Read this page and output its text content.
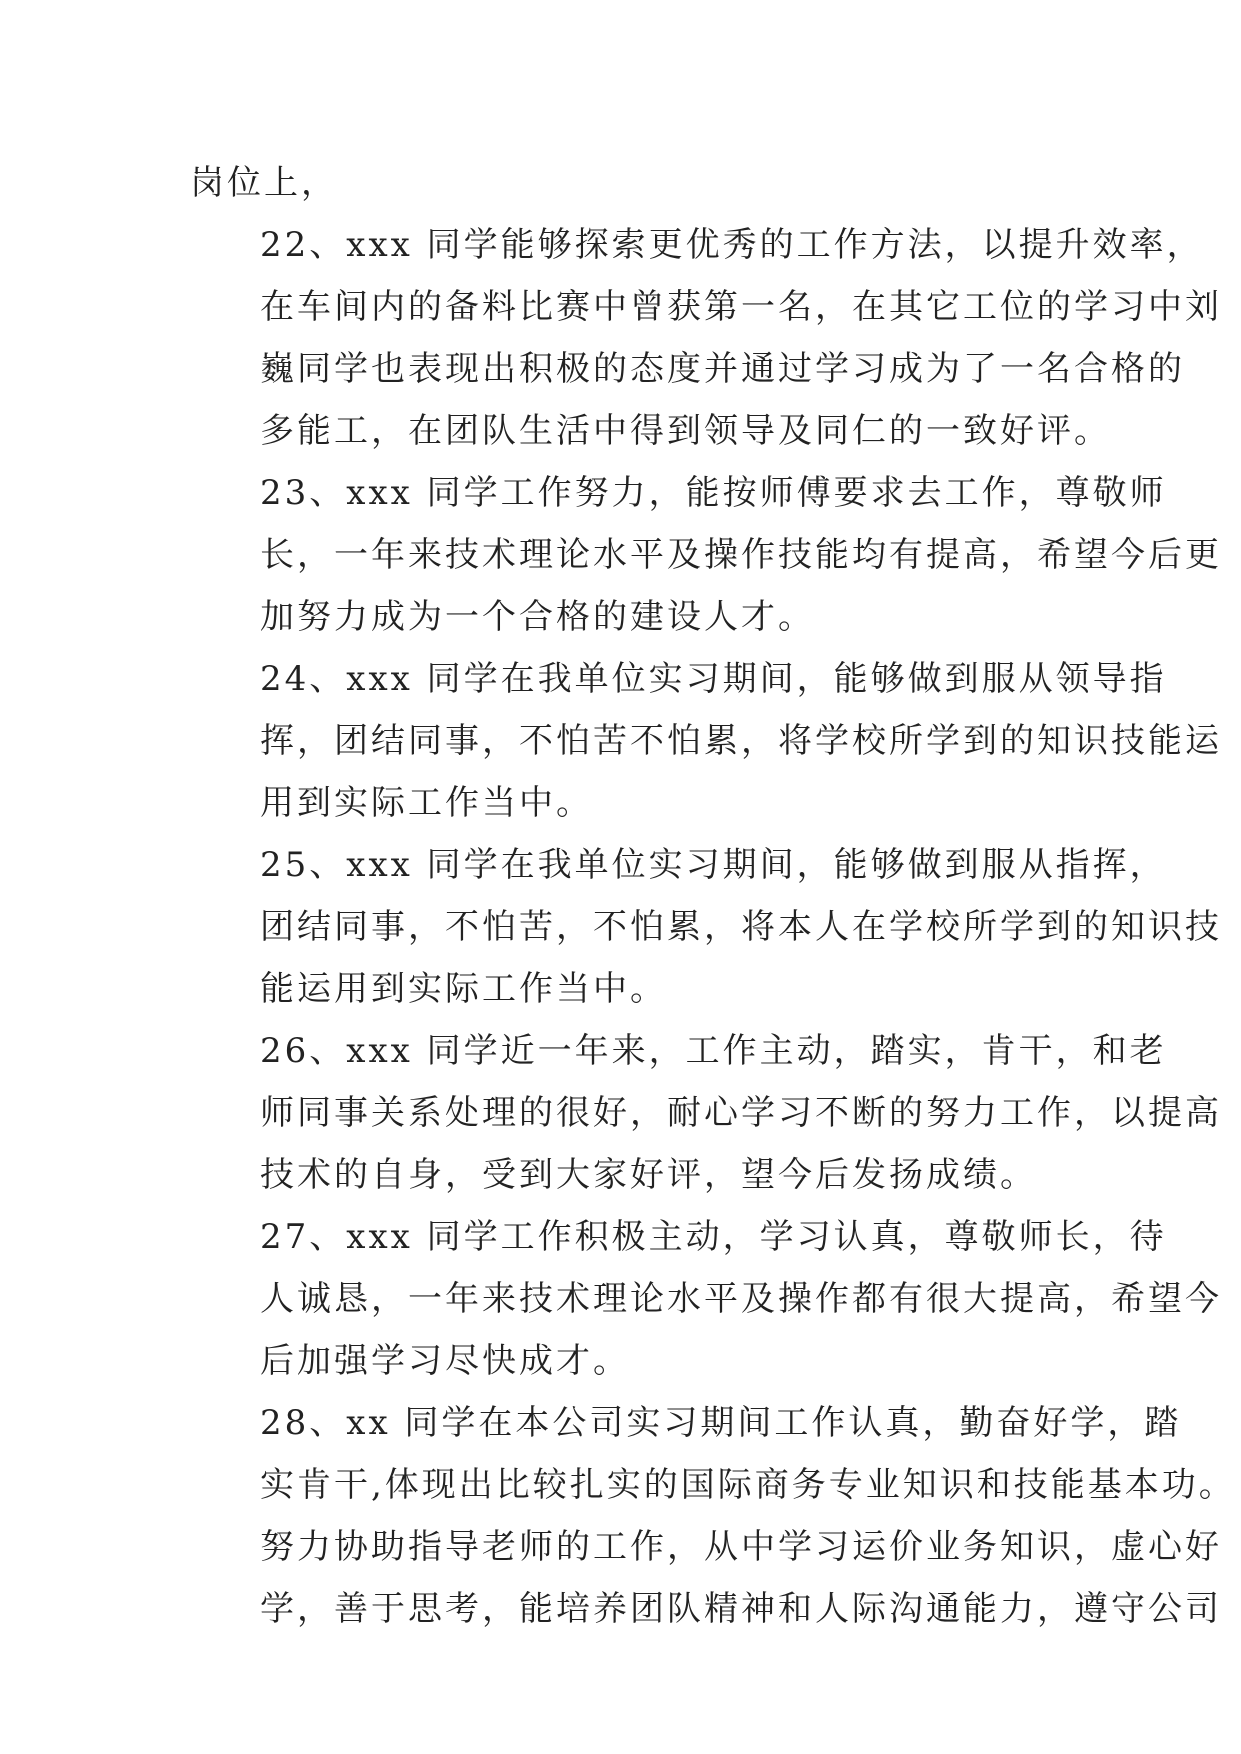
岗位上，

22、xxx 同学能够探索更优秀的工作方法，以提升效率，
在车间内的备料比赛中曾获第一名，在其它工位的学习中刘
巍同学也表现出积极的态度并通过学习成为了一名合格的
多能工，在团队生活中得到领导及同仁的一致好评。

23、xxx 同学工作努力，能按师傅要求去工作，尊敬师
长，一年来技术理论水平及操作技能均有提高，希望今后更
加努力成为一个合格的建设人才。

24、xxx 同学在我单位实习期间，能够做到服从领导指
挥，团结同事，不怕苦不怕累，将学校所学到的知识技能运
用到实际工作当中。

25、xxx 同学在我单位实习期间，能够做到服从指挥，
团结同事，不怕苦，不怕累，将本人在学校所学到的知识技
能运用到实际工作当中。

26、xxx 同学近一年来，工作主动，踏实，肯干，和老
师同事关系处理的很好，耐心学习不断的努力工作，以提高
技术的自身，受到大家好评，望今后发扬成绩。

27、xxx 同学工作积极主动，学习认真，尊敬师长，待
人诚恳，一年来技术理论水平及操作都有很大提高，希望今
后加强学习尽快成才。

28、xx 同学在本公司实习期间工作认真，勤奋好学，踏
实肯干,体现出比较扎实的国际商务专业知识和技能基本功。
努力协助指导老师的工作，从中学习运价业务知识，虚心好
学，善于思考，能培养团队精神和人际沟通能力，遵守公司
